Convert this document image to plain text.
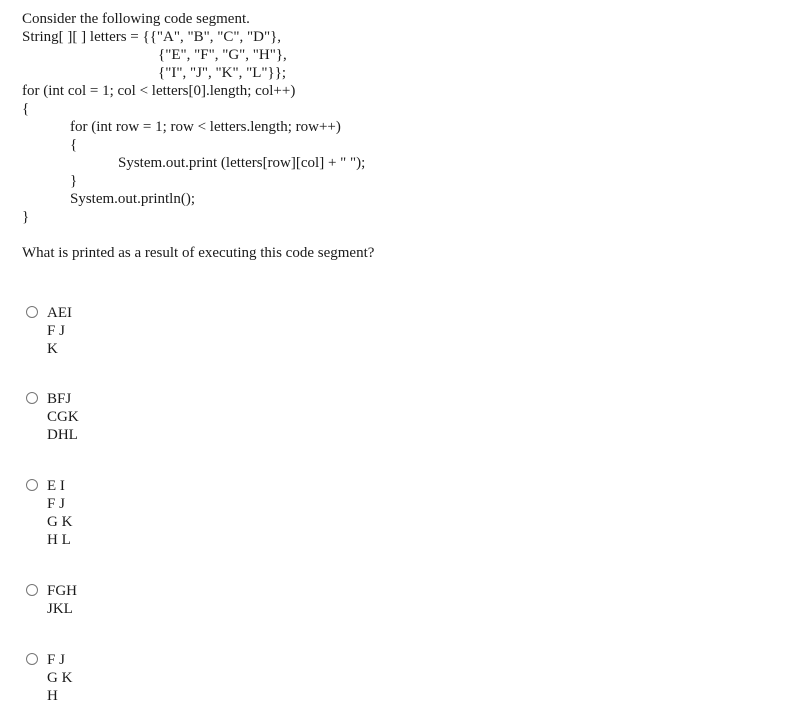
Consider the following code segment.
String[ ][ ] letters = {{"A", "B", "C", "D"},
{"E", "F", "G", "H"},
{"I", "J", "K", "L"}};
for (int col = 1; col < letters[0].length; col++)
{
for (int row = 1; row < letters.length; row++)
{
System.out.print (letters[row][col] + " ");
}
System.out.println();
}
What is printed as a result of executing this code segment?
AEI
F J
K
BFJ
CGK
DHL
E I
F J
G K
H L
FGH
JKL
F J
G K
H
